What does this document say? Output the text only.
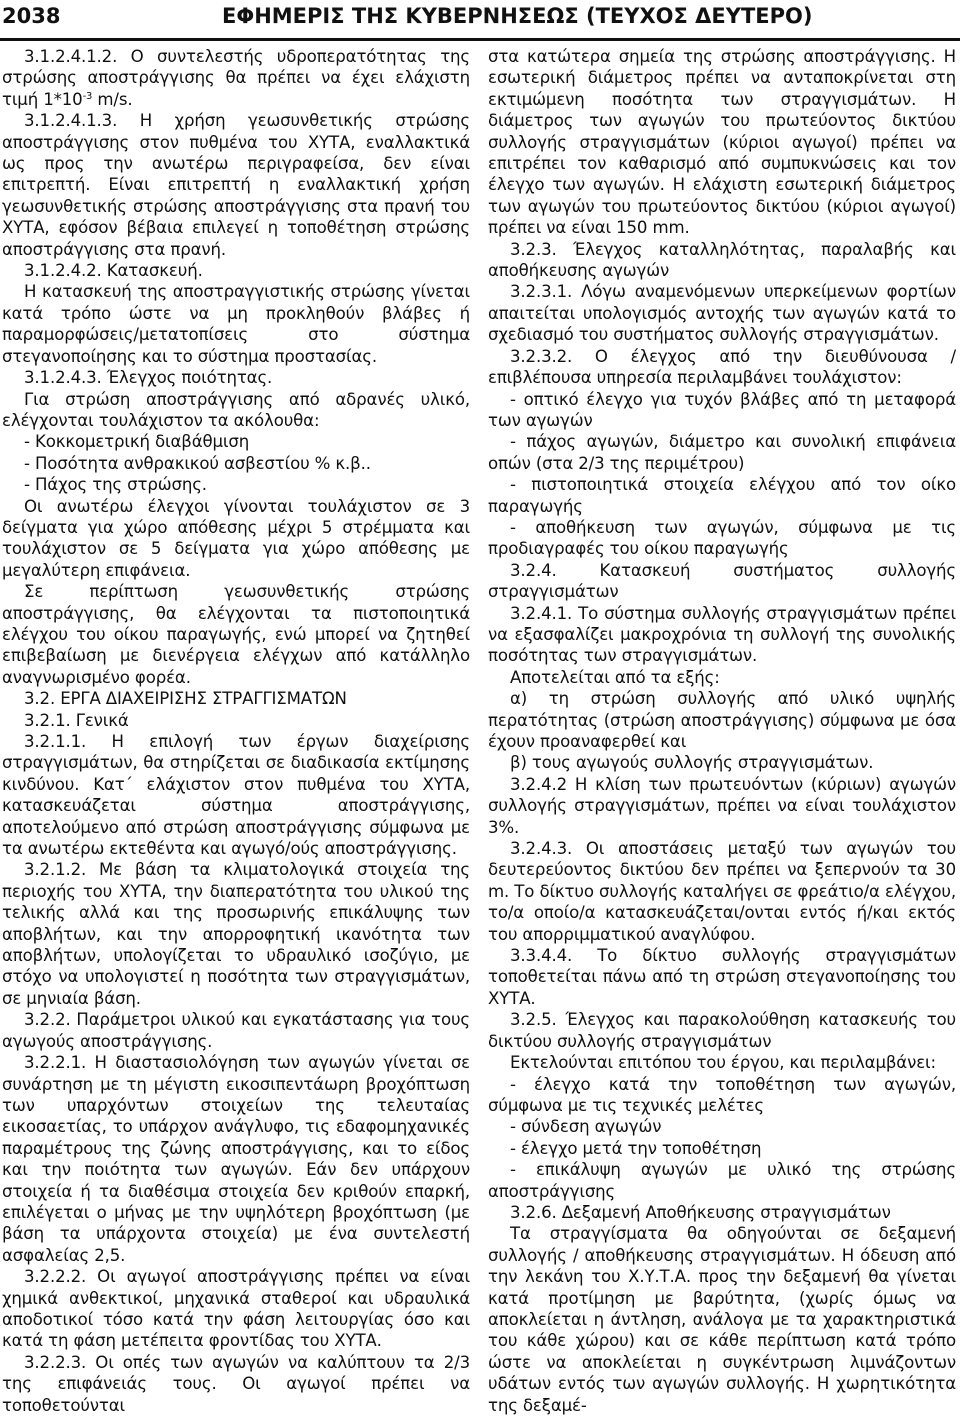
2038	ΕΦΗΜΕΡΙΣ ΤΗΣ ΚΥΒΕΡΝΗΣΕΩΣ (ΤΕΥΧΟΣ ΔΕΥΤΕΡΟ)

3.1.2.4.1.2. Ο συντελεστής υδροπερατότητας της στρώσης αποστράγγισης θα πρέπει να έχει ελάχιστη τιμή $1*10^{-3}$ m/s.

3.1.2.4.1.3. Η χρήση γεωσυνθετικής στρώσης αποστράγγισης στον πυθμένα του ΧΥΤΑ, εναλλακτικά ως προς την ανωτέρω περιγραφείσα, δεν είναι επιτρεπτή. Είναι επιτρεπτή η εναλλακτική χρήση γεωσυνθετικής στρώσης αποστράγγισης στα πρανή του ΧΥΤΑ, εφόσον βέβαια επιλεγεί η τοποθέτηση στρώσης αποστράγγισης στα πρανή.

3.1.2.4.2. Κατασκευή.

Η κατασκευή της αποστραγγιστικής στρώσης γίνεται κατά τρόπο ώστε να μη προκληθούν βλάβες ή παραμορφώσεις/μετατοπίσεις στο σύστημα στεγανοποίησης και το σύστημα προστασίας.

3.1.2.4.3. Έλεγχος ποιότητας.

Για στρώση αποστράγγισης από αδρανές υλικό, ελέγχονται τουλάχιστον τα ακόλουθα:

- Κοκκομετρική διαβάθμιση

- Ποσότητα ανθρακικού ασβεστίου % κ.β..

- Πάχος της στρώσης.

Οι ανωτέρω έλεγχοι γίνονται τουλάχιστον σε 3 δείγματα για χώρο απόθεσης μέχρι 5 στρέμματα και τουλάχιστον σε 5 δείγματα για χώρο απόθεσης με μεγαλύτερη επιφάνεια.

Σε περίπτωση γεωσυνθετικής στρώσης αποστράγγισης, θα ελέγχονται τα πιστοποιητικά ελέγχου του οίκου παραγωγής, ενώ μπορεί να ζητηθεί επιβεβαίωση με διενέργεια ελέγχων από κατάλληλο αναγνωρισμένο φορέα.

3.2. ΕΡΓΑ ΔΙΑΧΕΙΡΙΣΗΣ ΣΤΡΑΓΓΙΣΜΑΤΩΝ

3.2.1. Γενικά

3.2.1.1. Η επιλογή των έργων διαχείρισης στραγγισμάτων, θα στηρίζεται σε διαδικασία εκτίμησης κινδύνου. Κατ΄ ελάχιστον στον πυθμένα του ΧΥΤΑ, κατασκευάζεται σύστημα αποστράγγισης, αποτελούμενο από στρώση αποστράγγισης σύμφωνα με τα ανωτέρω εκτεθέντα και αγωγό/ούς αποστράγγισης.

3.2.1.2. Με βάση τα κλιματολογικά στοιχεία της περιοχής του ΧΥΤΑ, την διαπερατότητα του υλικού της τελικής αλλά και της προσωρινής επικάλυψης των αποβλήτων, και την απορροφητική ικανότητα των αποβλήτων, υπολογίζεται το υδραυλικό ισοζύγιο, με στόχο να υπολογιστεί η ποσότητα των στραγγισμάτων, σε μηνιαία βάση.

3.2.2. Παράμετροι υλικού και εγκατάστασης για τους αγωγούς αποστράγγισης.

3.2.2.1. Η διαστασιολόγηση των αγωγών γίνεται σε συνάρτηση με τη μέγιστη εικοσιπεντάωρη βροχόπτωση των υπαρχόντων στοιχείων της τελευταίας εικοσαετίας, το υπάρχον ανάγλυφο, τις εδαφομηχανικές παραμέτρους της ζώνης αποστράγγισης, και το είδος και την ποιότητα των αγωγών. Εάν δεν υπάρχουν στοιχεία ή τα διαθέσιμα στοιχεία δεν κριθούν επαρκή, επιλέγεται ο μήνας με την υψηλότερη βροχόπτωση (με βάση τα υπάρχοντα στοιχεία) με ένα συντελεστή ασφαλείας 2,5.

3.2.2.2. Οι αγωγοί αποστράγγισης πρέπει να είναι χημικά ανθεκτικοί, μηχανικά σταθεροί και υδραυλικά αποδοτικοί τόσο κατά την φάση λειτουργίας όσο και κατά τη φάση μετέπειτα φροντίδας του ΧΥΤΑ.

3.2.2.3. Οι οπές των αγωγών να καλύπτουν τα 2/3 της επιφάνειάς τους. Οι αγωγοί πρέπει να τοποθετούνται

στα κατώτερα σημεία της στρώσης αποστράγγισης. Η εσωτερική διάμετρος πρέπει να ανταποκρίνεται στη εκτιμώμενη ποσότητα των στραγγισμάτων. Η διάμετρος των αγωγών του πρωτεύοντος δικτύου συλλογής στραγγισμάτων (κύριοι αγωγοί) πρέπει να επιτρέπει τον καθαρισμό από συμπυκνώσεις και τον έλεγχο των αγωγών. Η ελάχιστη εσωτερική διάμετρος των αγωγών του πρωτεύοντος δικτύου (κύριοι αγωγοί) πρέπει να είναι 150 mm.

3.2.3. Έλεγχος καταλληλότητας, παραλαβής και αποθήκευσης αγωγών

3.2.3.1. Λόγω αναμενόμενων υπερκείμενων φορτίων απαιτείται υπολογισμός αντοχής των αγωγών κατά το σχεδιασμό του συστήματος συλλογής στραγγισμάτων.

3.2.3.2. Ο έλεγχος από την διευθύνουσα / επιβλέπουσα υπηρεσία περιλαμβάνει τουλάχιστον:

- οπτικό έλεγχο για τυχόν βλάβες από τη μεταφορά των αγωγών

- πάχος αγωγών, διάμετρο και συνολική επιφάνεια οπών (στα 2/3 της περιμέτρου)

- πιστοποιητικά στοιχεία ελέγχου από τον οίκο παραγωγής

- αποθήκευση των αγωγών, σύμφωνα με τις προδιαγραφές του οίκου παραγωγής

3.2.4. Κατασκευή συστήματος συλλογής στραγγισμάτων

3.2.4.1. Το σύστημα συλλογής στραγγισμάτων πρέπει να εξασφαλίζει μακροχρόνια τη συλλογή της συνολικής ποσότητας των στραγγισμάτων.

Αποτελείται από τα εξής:

α) τη στρώση συλλογής από υλικό υψηλής περατότητας (στρώση αποστράγγισης) σύμφωνα με όσα έχουν προαναφερθεί και

β) τους αγωγούς συλλογής στραγγισμάτων.

3.2.4.2 Η κλίση των πρωτευόντων (κύριων) αγωγών συλλογής στραγγισμάτων, πρέπει να είναι τουλάχιστον 3%.

3.2.4.3. Οι αποστάσεις μεταξύ των αγωγών του δευτερεύοντος δικτύου δεν πρέπει να ξεπερνούν τα 30 m. Το δίκτυο συλλογής καταλήγει σε φρεάτιο/α ελέγχου, το/α οποίο/α κατασκευάζεται/ονται εντός ή/και εκτός του απορριμματικού αναγλύφου.

3.3.4.4. Το δίκτυο συλλογής στραγγισμάτων τοποθετείται πάνω από τη στρώση στεγανοποίησης του ΧΥΤΑ.

3.2.5. Έλεγχος και παρακολούθηση κατασκευής του δικτύου συλλογής στραγγισμάτων

Εκτελούνται επιτόπου του έργου, και περιλαμβάνει:

- έλεγχο κατά την τοποθέτηση των αγωγών, σύμφωνα με τις τεχνικές μελέτες

- σύνδεση αγωγών

- έλεγχο μετά την τοποθέτηση

- επικάλυψη αγωγών με υλικό της στρώσης αποστράγγισης

3.2.6. Δεξαμενή Αποθήκευσης στραγγισμάτων

Τα στραγγίσματα θα οδηγούνται σε δεξαμενή συλλογής / αποθήκευσης στραγγισμάτων. Η όδευση από την λεκάνη του Χ.Υ.Τ.Α. προς την δεξαμενή θα γίνεται κατά προτίμηση με βαρύτητα, (χωρίς όμως να αποκλείεται η άντληση, ανάλογα με τα χαρακτηριστικά του κάθε χώρου) και σε κάθε περίπτωση κατά τρόπο ώστε να αποκλείεται η συγκέντρωση λιμνάζοντων υδάτων εντός των αγωγών συλλογής. Η χωρητικότητα της δεξαμέ-
